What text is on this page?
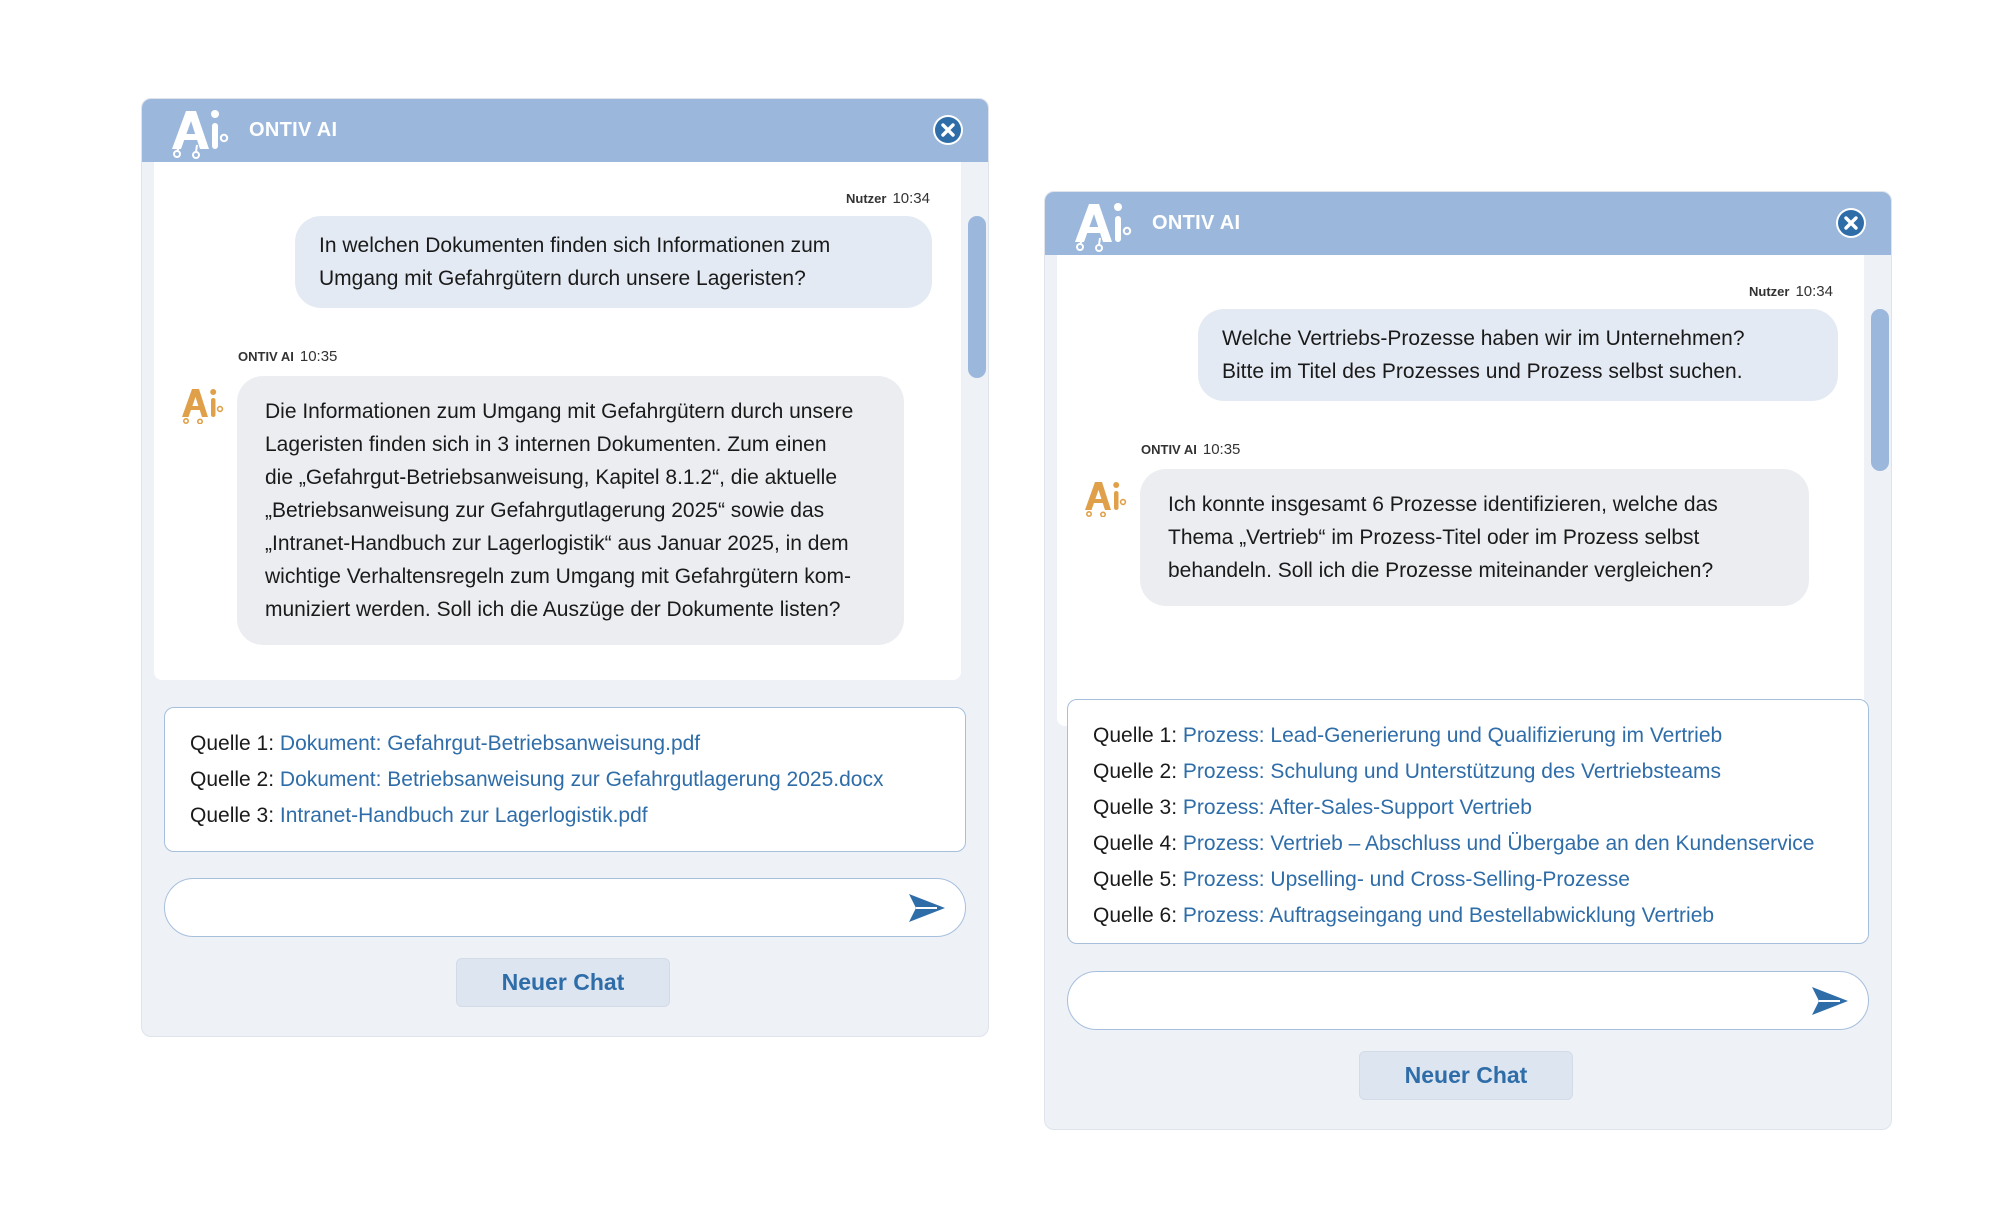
ONTIV AI
Nutzer 10:34
In welchen Dokumenten finden sich Informationen zum
Umgang mit Gefahrgütern durch unsere Lageristen?
ONTIV AI 10:35
Die Informationen zum Umgang mit Gefahrgütern durch unsere
Lageristen finden sich in 3 internen Dokumenten. Zum einen
die „Gefahrgut-Betriebsanweisung, Kapitel 8.1.2“, die aktuelle
„Betriebsanweisung zur Gefahrgutlagerung 2025“ sowie das
„Intranet-Handbuch zur Lagerlogistik“ aus Januar 2025, in dem
wichtige Verhaltensregeln zum Umgang mit Gefahrgütern kom-
muniziert werden. Soll ich die Auszüge der Dokumente listen?
Quelle 1: Dokument: Gefahrgut-Betriebsanweisung.pdf
Quelle 2: Dokument: Betriebsanweisung zur Gefahrgutlagerung 2025.docx
Quelle 3: Intranet-Handbuch zur Lagerlogistik.pdf
Neuer Chat
ONTIV AI
Nutzer 10:34
Welche Vertriebs-Prozesse haben wir im Unternehmen?
Bitte im Titel des Prozesses und Prozess selbst suchen.
ONTIV AI 10:35
Ich konnte insgesamt 6 Prozesse identifizieren, welche das
Thema „Vertrieb“ im Prozess-Titel oder im Prozess selbst
behandeln. Soll ich die Prozesse miteinander vergleichen?
Quelle 1: Prozess: Lead-Generierung und Qualifizierung im Vertrieb
Quelle 2: Prozess: Schulung und Unterstützung des Vertriebsteams
Quelle 3: Prozess: After-Sales-Support Vertrieb
Quelle 4: Prozess: Vertrieb – Abschluss und Übergabe an den Kundenservice
Quelle 5: Prozess: Upselling- und Cross-Selling-Prozesse
Quelle 6: Prozess: Auftragseingang und Bestellabwicklung Vertrieb
Neuer Chat
